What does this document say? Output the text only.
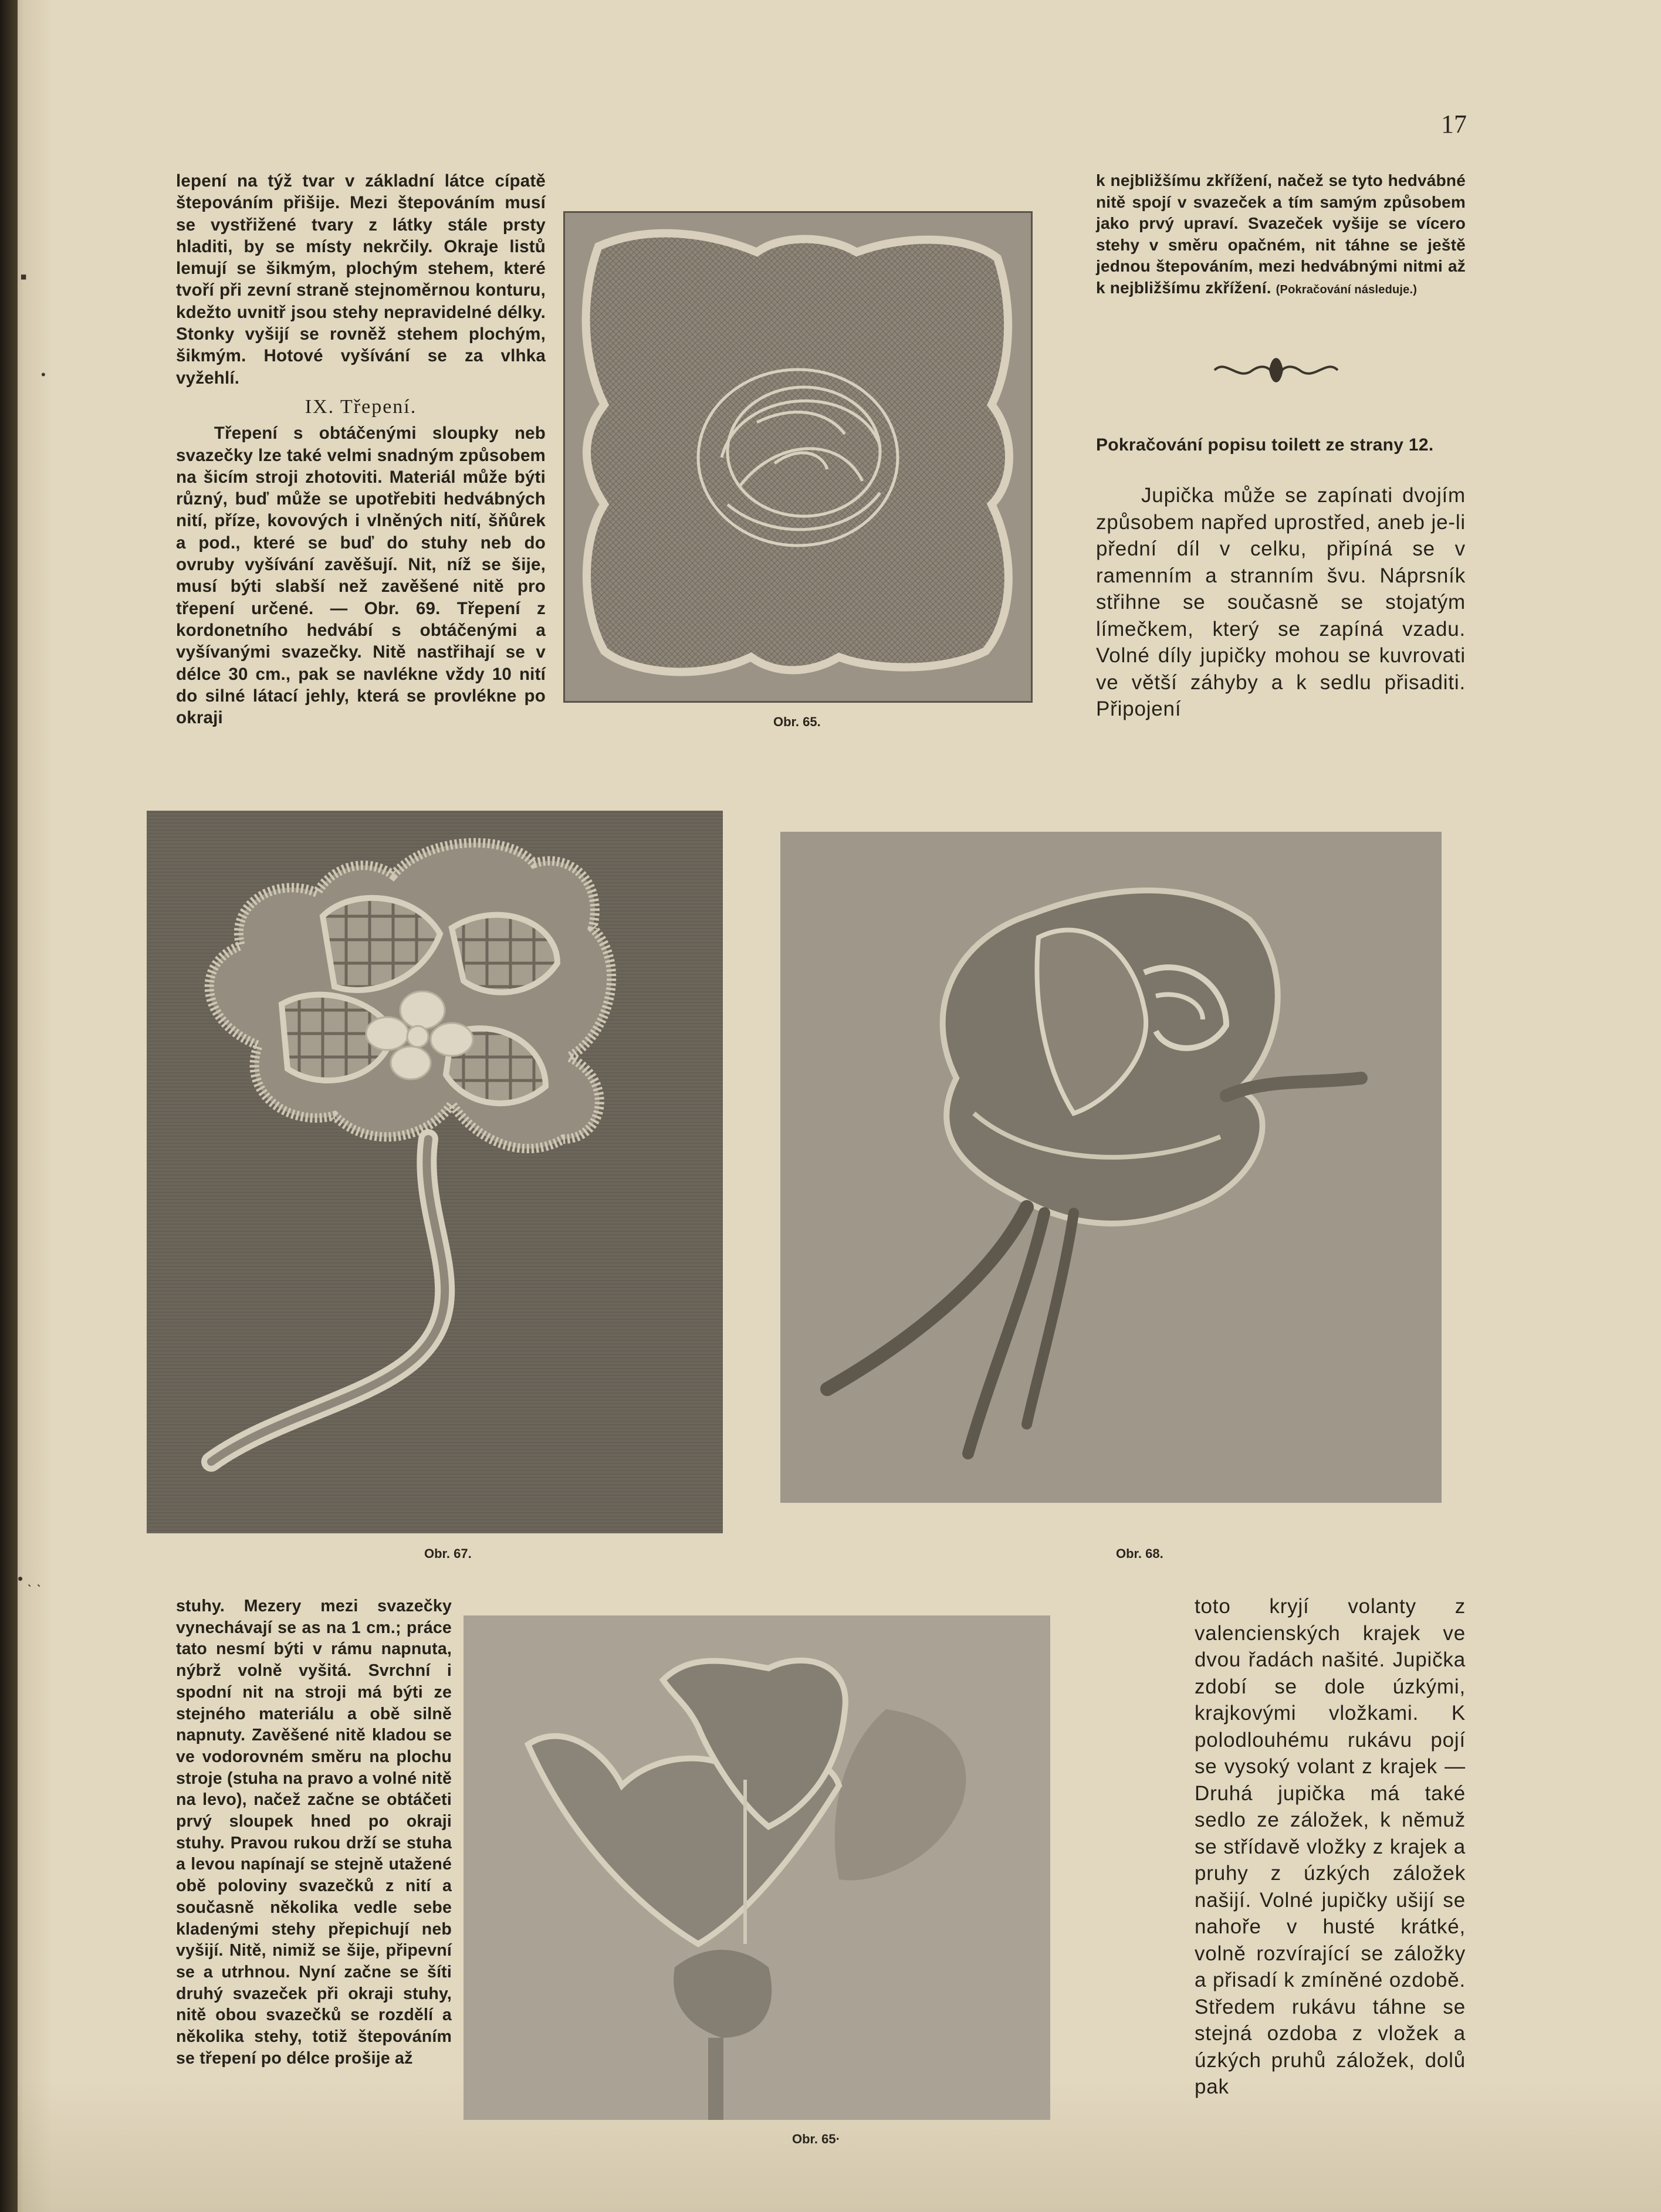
▪
•
• ˎ ˎ
17

lepení na týž tvar v základní látce cípatě štepováním přišije. Mezi štepováním musí se vystřižené tvary z látky stále prsty hladiti, by se místy nekrčily. Okraje listů lemují se šikmým, plochým stehem, které tvoří při zevní straně stejnoměrnou konturu, kdežto uvnitř jsou stehy nepravidelné délky. Stonky vyšijí se rovněž stehem plochým, šikmým. Hotové vyšívání se za vlhka vyžehlí.

IX. Třepení.

Třepení s obtáčenými sloupky neb svazečky lze také velmi snadným způsobem na šicím stroji zhotoviti. Materiál může býti různý, buď může se upotřebiti hedvábných nití, příze, kovových i vlněných nití, šňůrek a pod., které se buď do stuhy neb do ovruby vyšívání zavěšují. Nit, níž se šije, musí býti slabší než zavěšené nitě pro třepení určené. — Obr. 69. Třepení z kordonetního hedvábí s obtáčenými a vyšívanými svazečky. Nitě nastřihají se v délce 30 cm., pak se navlékne vždy 10 nití do silné látací jehly, která se provlékne po okraji	Obr. 65.

k nejbližšímu zkřížení, načež se tyto hedvábné nitě spojí v svazeček a tím samým způsobem jako prvý upraví. Svazeček vyšije se vícero stehy v směru opačném, nit táhne se ještě jednou štepováním, mezi hedvábnými nitmi až k nejbližšímu zkřížení. (Pokračování následuje.)

Pokračování popisu toilett ze strany 12.

Jupička může se zapínati dvojím způsobem napřed uprostřed, aneb je-li přední díl v celku, připíná se v ramenním a stranním švu. Náprsník střihne se současně se stojatým límečkem, který se zapíná vzadu. Volné díly jupičky mohou se kuvrovati ve větší záhyby a k sedlu přisaditi. Připojení

Obr. 67.	Obr. 68.

stuhy. Mezery mezi svazečky vynechávají se as na 1 cm.; práce tato nesmí býti v rámu napnuta, nýbrž volně vyšitá. Svrchní i spodní nit na stroji má býti ze stejného materiálu a obě silně napnuty. Zavěšené nitě kladou se ve vodorovném směru na plochu stroje (stuha na pravo a volné nitě na levo), načež začne se obtáčeti prvý sloupek hned po okraji stuhy. Pravou rukou drží se stuha a levou napínají se stejně utažené obě poloviny svazečků z nití a současně několika vedle sebe kladenými stehy přepichují neb vyšijí. Nitě, nimiž se šije, připevní se a utrhnou. Nyní začne se šíti druhý svazeček při okraji stuhy, nitě obou svazečků se rozdělí a několika stehy, totiž štepováním se třepení po délce prošije až

Obr. 65·

toto kryjí volanty z valencienských krajek ve dvou řadách našité. Jupička zdobí se dole úzkými, krajkovými vložkami. K polodlouhému rukávu pojí se vysoký volant z krajek — Druhá jupička má také sedlo ze záložek, k němuž se střídavě vložky z krajek a pruhy z úzkých záložek našijí. Volné jupičky ušijí se nahoře v husté krátké, volně rozvírající se záložky a přisadí k zmíněné ozdobě. Středem rukávu táhne se stejná ozdoba z vložek a úzkých pruhů záložek, dolů pak
